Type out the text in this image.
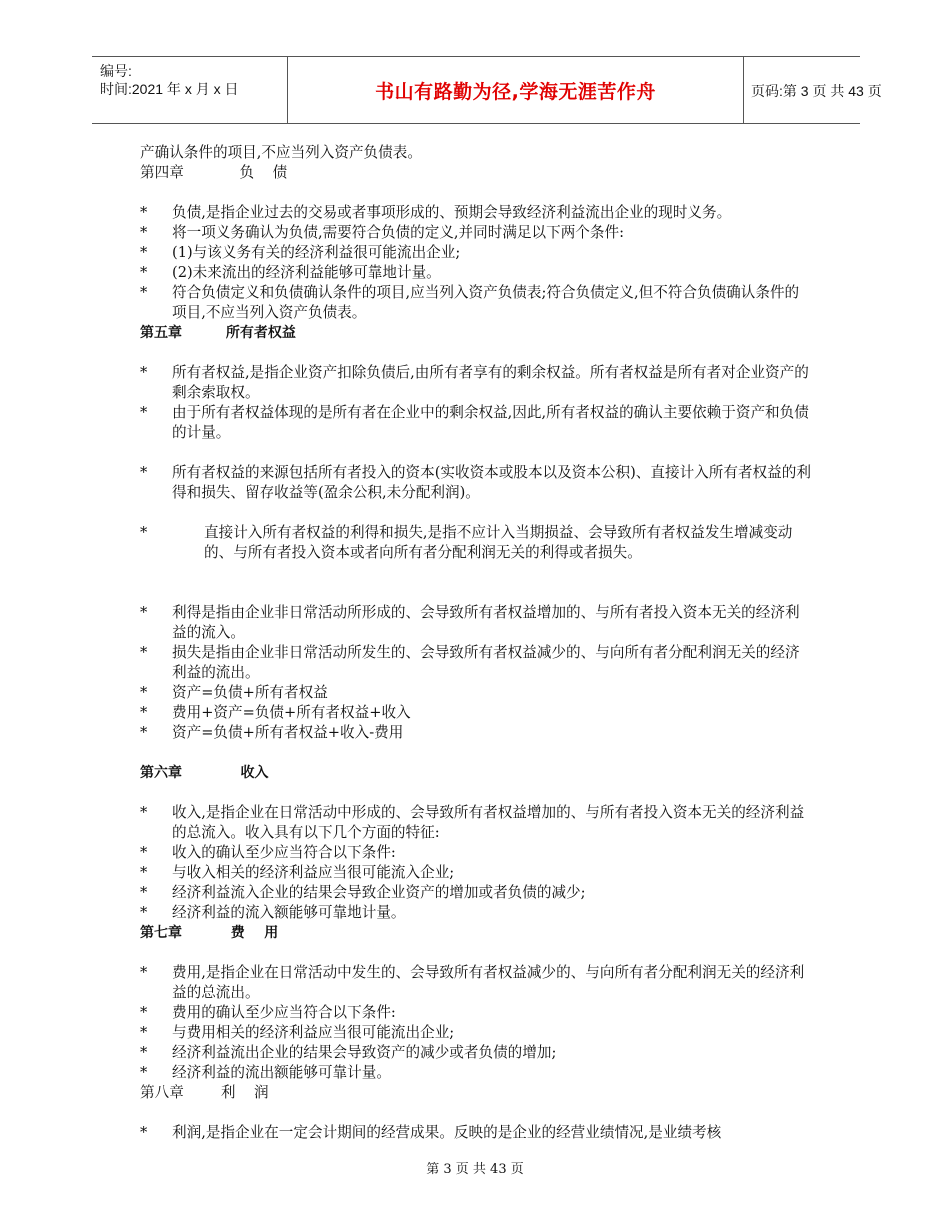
编号:
时间:2021 年 x 月 x 日	书山有路勤为径,学海无涯苦作舟	页码:第 3 页 共 43 页

产确认条件的项目,不应当列入资产负债表。

第四章            负    债

*	负债,是指企业过去的交易或者事项形成的、预期会导致经济利益流出企业的现时义务。
*	将一项义务确认为负债,需要符合负债的定义,并同时满足以下两个条件:
*	(1)与该义务有关的经济利益很可能流出企业;
*	(2)未来流出的经济利益能够可靠地计量。
*	符合负债定义和负债确认条件的项目,应当列入资产负债表;符合负债定义,但不符合负债确认条件的项目,不应当列入资产负债表。

第五章         所有者权益

*	所有者权益,是指企业资产扣除负债后,由所有者享有的剩余权益。所有者权益是所有者对企业资产的剩余索取权。
*	由于所有者权益体现的是所有者在企业中的剩余权益,因此,所有者权益的确认主要依赖于资产和负债的计量。
*	所有者权益的来源包括所有者投入的资本(实收资本或股本以及资本公积)、直接计入所有者权益的利得和损失、留存收益等(盈余公积,未分配利润)。
*	直接计入所有者权益的利得和损失,是指不应计入当期损益、会导致所有者权益发生增减变动的、与所有者投入资本或者向所有者分配利润无关的利得或者损失。
*	利得是指由企业非日常活动所形成的、会导致所有者权益增加的、与所有者投入资本无关的经济利益的流入。
*	损失是指由企业非日常活动所发生的、会导致所有者权益减少的、与向所有者分配利润无关的经济利益的流出。
*	资产=负债+所有者权益
*	费用+资产=负债+所有者权益+收入
*	资产=负债+所有者权益+收入-费用

第六章            收入

*	收入,是指企业在日常活动中形成的、会导致所有者权益增加的、与所有者投入资本无关的经济利益的总流入。收入具有以下几个方面的特征:
*	收入的确认至少应当符合以下条件:
*	与收入相关的经济利益应当很可能流入企业;
*	经济利益流入企业的结果会导致企业资产的增加或者负债的减少;
*	经济利益的流入额能够可靠地计量。

第七章          费    用

*	费用,是指企业在日常活动中发生的、会导致所有者权益减少的、与向所有者分配利润无关的经济利益的总流出。
*	费用的确认至少应当符合以下条件:
*	与费用相关的经济利益应当很可能流出企业;
*	经济利益流出企业的结果会导致资产的减少或者负债的增加;
*	经济利益的流出额能够可靠计量。

第八章        利    润

*	利润,是指企业在一定会计期间的经营成果。反映的是企业的经营业绩情况,是业绩考核
第 3 页 共 43 页
